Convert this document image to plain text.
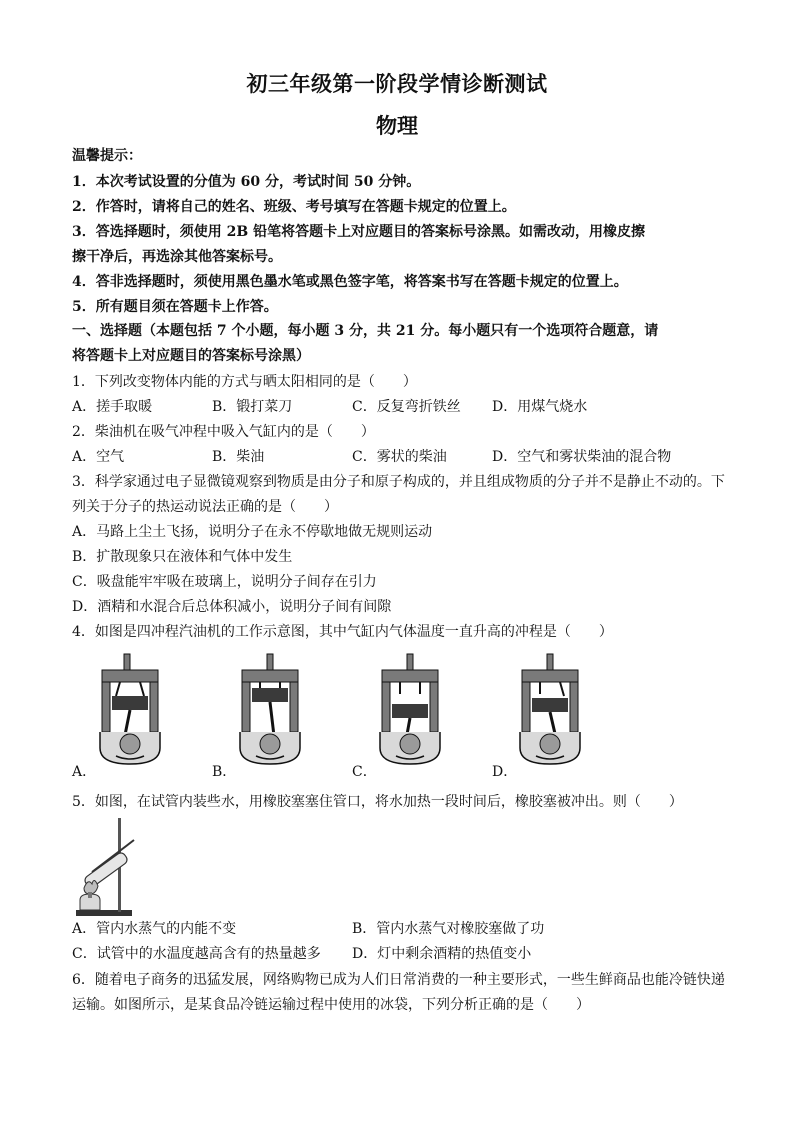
初三年级第一阶段学情诊断测试
物理
温馨提示：
1．本次考试设置的分值为 60 分，考试时间 50 分钟。
2．作答时，请将自己的姓名、班级、考号填写在答题卡规定的位置上。
3．答选择题时，须使用 2B 铅笔将答题卡上对应题目的答案标号涂黑。如需改动，用橡皮擦
擦干净后，再选涂其他答案标号。
4．答非选择题时，须使用黑色墨水笔或黑色签字笔，将答案书写在答题卡规定的位置上。
5．所有题目须在答题卡上作答。
一、选择题（本题包括 7 个小题，每小题 3 分，共 21 分。每小题只有一个选项符合题意，请
将答题卡上对应题目的答案标号涂黑）
1．下列改变物体内能的方式与晒太阳相同的是（　　）
A．搓手取暖	B．锻打菜刀	C．反复弯折铁丝 D．用煤气烧水
2．柴油机在吸气冲程中吸入气缸内的是（　　）
A．空气	B．柴油	C．雾状的柴油	D．空气和雾状柴油的混合物
3．科学家通过电子显微镜观察到物质是由分子和原子构成的，并且组成物质的分子并不是静止不动的。下
列关于分子的热运动说法正确的是（　　）
A．马路上尘土飞扬，说明分子在永不停歇地做无规则运动
B．扩散现象只在液体和气体中发生
C．吸盘能牢牢吸在玻璃上，说明分子间存在引力
D．酒精和水混合后总体积减小，说明分子间有间隙
4．如图是四冲程汽油机的工作示意图，其中气缸内气体温度一直升高的冲程是（　　）
A．	B．	C．	D．
5．如图，在试管内装些水，用橡胶塞塞住管口，将水加热一段时间后，橡胶塞被冲出。则（　　）
A．管内水蒸气的内能不变	B．管内水蒸气对橡胶塞做了功
C．试管中的水温度越高含有的热量越多 D．灯中剩余酒精的热值变小
6．随着电子商务的迅猛发展，网络购物已成为人们日常消费的一种主要形式，一些生鲜商品也能冷链快递
运输。如图所示，是某食品冷链运输过程中使用的冰袋，下列分析正确的是（　　）
